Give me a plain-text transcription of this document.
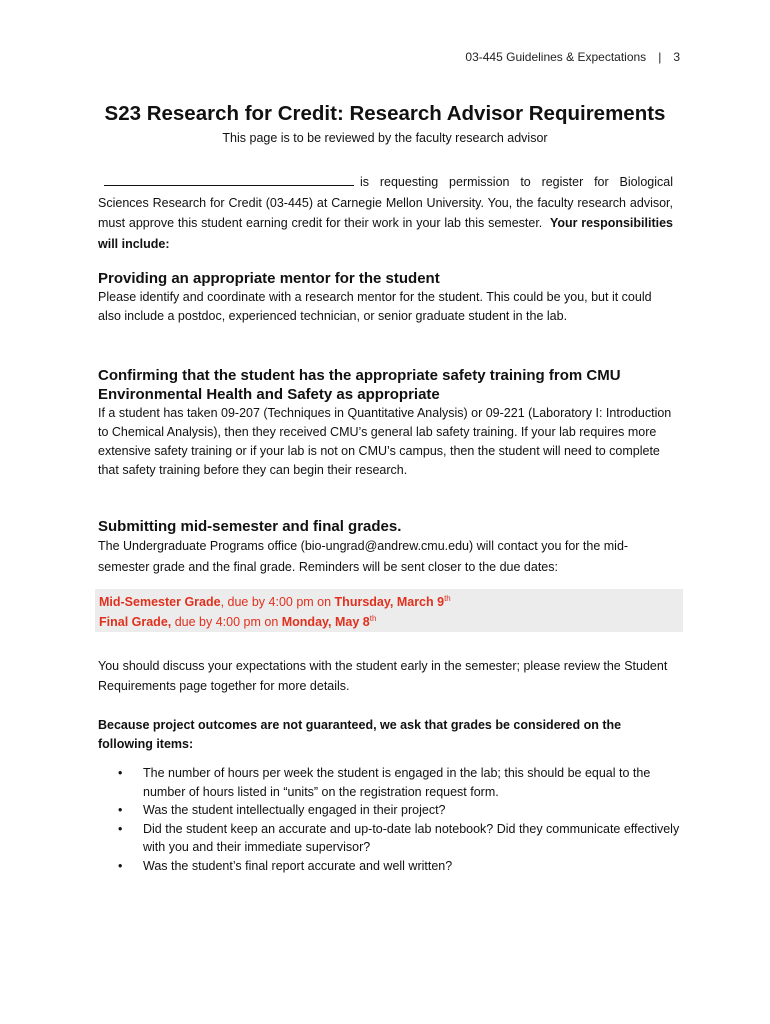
03-445 Guidelines & Expectations | 3
S23 Research for Credit: Research Advisor Requirements
This page is to be reviewed by the faculty research advisor
is requesting permission to register for Biological Sciences Research for Credit (03-445) at Carnegie Mellon University. You, the faculty research advisor, must approve this student earning credit for their work in your lab this semester. Your responsibilities will include:
Providing an appropriate mentor for the student

Please identify and coordinate with a research mentor for the student. This could be you, but it could also include a postdoc, experienced technician, or senior graduate student in the lab.

Confirming that the student has the appropriate safety training from CMU Environmental Health and Safety as appropriate

If a student has taken 09-207 (Techniques in Quantitative Analysis) or 09-221 (Laboratory I: Introduction to Chemical Analysis), then they received CMU’s general lab safety training. If your lab requires more extensive safety training or if your lab is not on CMU’s campus, then the student will need to complete that safety training before they can begin their research.

Submitting mid-semester and final grades.

The Undergraduate Programs office (bio-ungrad@andrew.cmu.edu) will contact you for the mid-semester grade and the final grade. Reminders will be sent closer to the due dates:

Mid-Semester Grade, due by 4:00 pm on Thursday, March 9th
Final Grade, due by 4:00 pm on Monday, May 8th
You should discuss your expectations with the student early in the semester; please review the Student Requirements page together for more details.
Because project outcomes are not guaranteed, we ask that grades be considered on the following items:
•	The number of hours per week the student is engaged in the lab; this should be equal to the number of hours listed in “units” on the registration request form.
•	Was the student intellectually engaged in their project?
•	Did the student keep an accurate and up-to-date lab notebook? Did they communicate effectively with you and their immediate supervisor?
•	Was the student’s final report accurate and well written?
